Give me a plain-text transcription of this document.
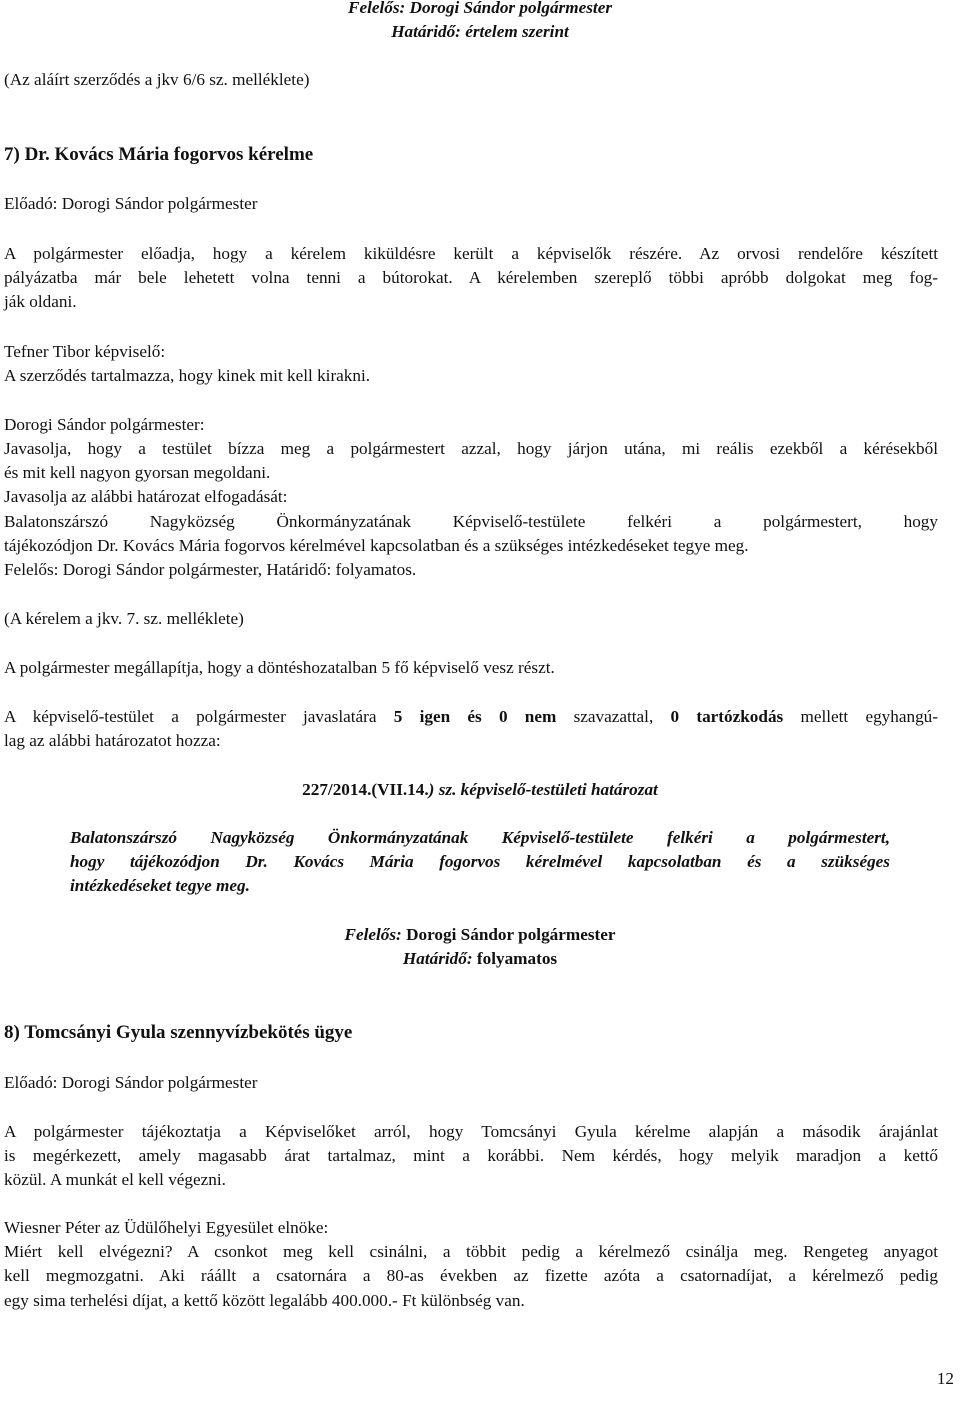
Felelős: Dorogi Sándor polgármester
Határidő: értelem szerint
(Az aláírt szerződés a jkv 6/6 sz. melléklete)
7) Dr. Kovács Mária fogorvos kérelme
Előadó: Dorogi Sándor polgármester
A polgármester előadja, hogy a kérelem kiküldésre került a képviselők részére. Az orvosi rendelőre készített
pályázatba már bele lehetett volna tenni a bútorokat. A kérelemben szereplő többi apróbb dolgokat meg fog-
ják oldani.
Tefner Tibor képviselő:
A szerződés tartalmazza, hogy kinek mit kell kirakni.
Dorogi Sándor polgármester:
Javasolja, hogy a testület bízza meg a polgármestert azzal, hogy járjon utána, mi reális ezekből a kérésekből
és mit kell nagyon gyorsan megoldani.
Javasolja az alábbi határozat elfogadását:
Balatonszárszó Nagyközség Önkormányzatának Képviselő-testülete felkéri a polgármestert, hogy
tájékozódjon Dr. Kovács Mária fogorvos kérelmével kapcsolatban és a szükséges intézkedéseket tegye meg.
Felelős: Dorogi Sándor polgármester, Határidő: folyamatos.
(A kérelem a jkv. 7. sz. melléklete)
A polgármester megállapítja, hogy a döntéshozatalban 5 fő képviselő vesz részt.
A képviselő-testület a polgármester javaslatára 5 igen és 0 nem szavazattal, 0 tartózkodás mellett egyhangú-
lag az alábbi határozatot hozza:
227/2014.(VII.14.) sz. képviselő-testületi határozat
Balatonszárszó Nagyközség Önkormányzatának Képviselő-testülete felkéri a polgármestert,
hogy tájékozódjon Dr. Kovács Mária fogorvos kérelmével kapcsolatban és a szükséges
intézkedéseket tegye meg.
Felelős: Dorogi Sándor polgármester
Határidő: folyamatos
8) Tomcsányi Gyula szennyvízbekötés ügye
Előadó: Dorogi Sándor polgármester
A polgármester tájékoztatja a Képviselőket arról, hogy Tomcsányi Gyula kérelme alapján a második árajánlat
is megérkezett, amely magasabb árat tartalmaz, mint a korábbi. Nem kérdés, hogy melyik maradjon a kettő
közül. A munkát el kell végezni.
Wiesner Péter az Üdülőhelyi Egyesület elnöke:
Miért kell elvégezni? A csonkot meg kell csinálni, a többit pedig a kérelmező csinálja meg. Rengeteg anyagot
kell megmozgatni. Aki ráállt a csatornára a 80-as években az fizette azóta a csatornadíjat, a kérelmező pedig
egy sima terhelési díjat, a kettő között legalább 400.000.- Ft különbség van.
12
